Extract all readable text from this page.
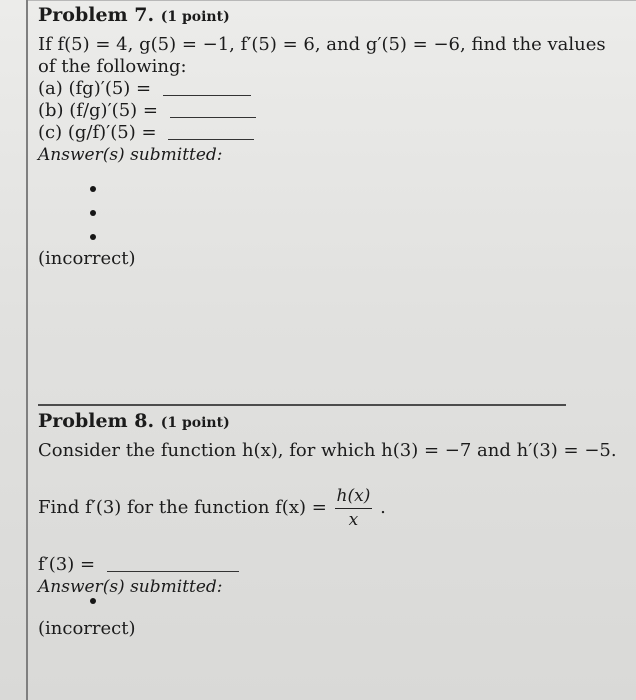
Problem 7. (1 point)

If f(5) = 4, g(5) = −1, f′(5) = 6, and g′(5) = −6, find the values

of the following:

(a) (fg)′(5) =
(b) (f/g)′(5) =
(c) (g/f)′(5) =

Answer(s) submitted:

(incorrect)

Problem 8. (1 point)

Consider the function h(x), for which h(3) = −7 and h′(3) = −5.

Find f′(3) for the function $f(x) = \frac{h(x)}{x}$ .
f′(3) =

Answer(s) submitted:

(incorrect)
